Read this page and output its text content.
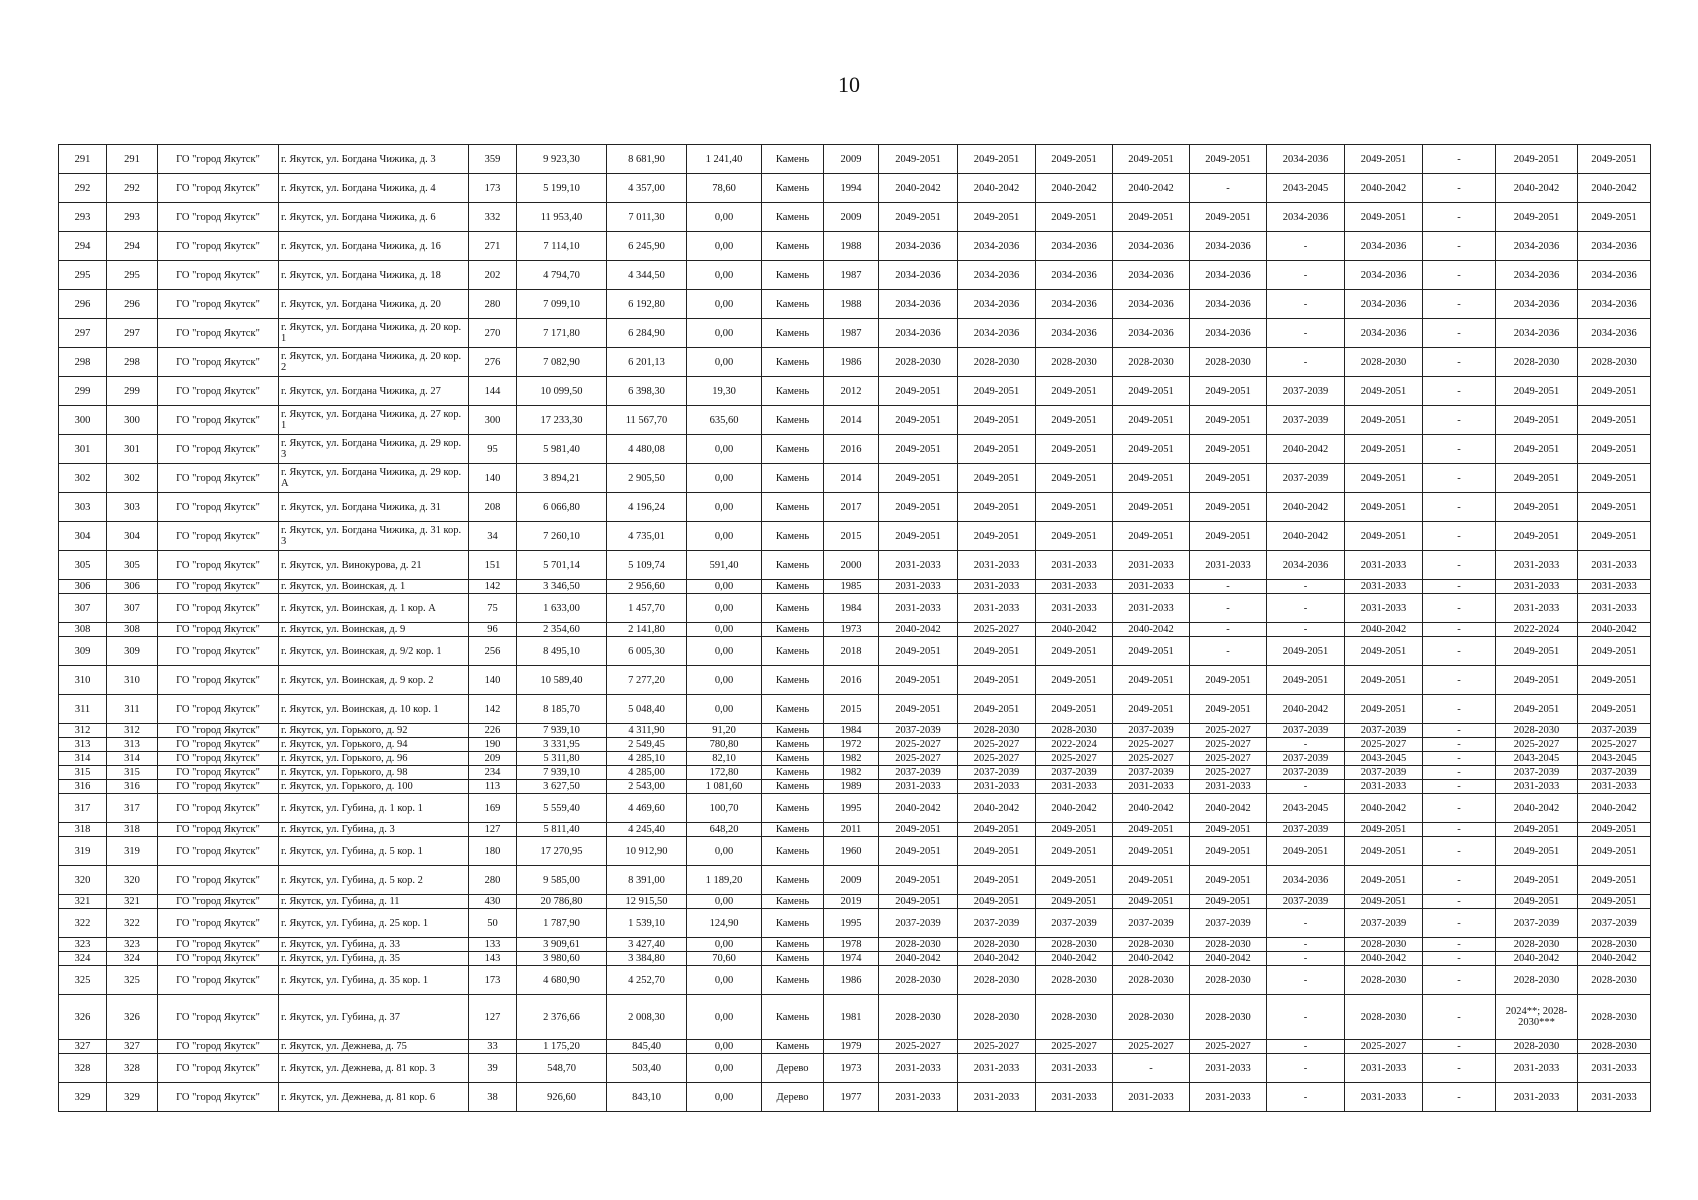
10
291	291	ГО "город Якутск"	г. Якутск, ул. Богдана Чижика, д. 3	359	9 923,30	8 681,90	1 241,40	Камень	2009	2049-2051	2049-2051	2049-2051	2049-2051	2049-2051	2034-2036	2049-2051	-	2049-2051	2049-2051
292	292	ГО "город Якутск"	г. Якутск, ул. Богдана Чижика, д. 4	173	5 199,10	4 357,00	78,60	Камень	1994	2040-2042	2040-2042	2040-2042	2040-2042	-	2043-2045	2040-2042	-	2040-2042	2040-2042
293	293	ГО "город Якутск"	г. Якутск, ул. Богдана Чижика, д. 6	332	11 953,40	7 011,30	0,00	Камень	2009	2049-2051	2049-2051	2049-2051	2049-2051	2049-2051	2034-2036	2049-2051	-	2049-2051	2049-2051
294	294	ГО "город Якутск"	г. Якутск, ул. Богдана Чижика, д. 16	271	7 114,10	6 245,90	0,00	Камень	1988	2034-2036	2034-2036	2034-2036	2034-2036	2034-2036	-	2034-2036	-	2034-2036	2034-2036
295	295	ГО "город Якутск"	г. Якутск, ул. Богдана Чижика, д. 18	202	4 794,70	4 344,50	0,00	Камень	1987	2034-2036	2034-2036	2034-2036	2034-2036	2034-2036	-	2034-2036	-	2034-2036	2034-2036
296	296	ГО "город Якутск"	г. Якутск, ул. Богдана Чижика, д. 20	280	7 099,10	6 192,80	0,00	Камень	1988	2034-2036	2034-2036	2034-2036	2034-2036	2034-2036	-	2034-2036	-	2034-2036	2034-2036
297	297	ГО "город Якутск"	г. Якутск, ул. Богдана Чижика, д. 20 кор. 1	270	7 171,80	6 284,90	0,00	Камень	1987	2034-2036	2034-2036	2034-2036	2034-2036	2034-2036	-	2034-2036	-	2034-2036	2034-2036
298	298	ГО "город Якутск"	г. Якутск, ул. Богдана Чижика, д. 20 кор. 2	276	7 082,90	6 201,13	0,00	Камень	1986	2028-2030	2028-2030	2028-2030	2028-2030	2028-2030	-	2028-2030	-	2028-2030	2028-2030
299	299	ГО "город Якутск"	г. Якутск, ул. Богдана Чижика, д. 27	144	10 099,50	6 398,30	19,30	Камень	2012	2049-2051	2049-2051	2049-2051	2049-2051	2049-2051	2037-2039	2049-2051	-	2049-2051	2049-2051
300	300	ГО "город Якутск"	г. Якутск, ул. Богдана Чижика, д. 27 кор. 1	300	17 233,30	11 567,70	635,60	Камень	2014	2049-2051	2049-2051	2049-2051	2049-2051	2049-2051	2037-2039	2049-2051	-	2049-2051	2049-2051
301	301	ГО "город Якутск"	г. Якутск, ул. Богдана Чижика, д. 29 кор. 3	95	5 981,40	4 480,08	0,00	Камень	2016	2049-2051	2049-2051	2049-2051	2049-2051	2049-2051	2040-2042	2049-2051	-	2049-2051	2049-2051
302	302	ГО "город Якутск"	г. Якутск, ул. Богдана Чижика, д. 29 кор. А	140	3 894,21	2 905,50	0,00	Камень	2014	2049-2051	2049-2051	2049-2051	2049-2051	2049-2051	2037-2039	2049-2051	-	2049-2051	2049-2051
303	303	ГО "город Якутск"	г. Якутск, ул. Богдана Чижика, д. 31	208	6 066,80	4 196,24	0,00	Камень	2017	2049-2051	2049-2051	2049-2051	2049-2051	2049-2051	2040-2042	2049-2051	-	2049-2051	2049-2051
304	304	ГО "город Якутск"	г. Якутск, ул. Богдана Чижика, д. 31 кор. 3	34	7 260,10	4 735,01	0,00	Камень	2015	2049-2051	2049-2051	2049-2051	2049-2051	2049-2051	2040-2042	2049-2051	-	2049-2051	2049-2051
305	305	ГО "город Якутск"	г. Якутск, ул. Винокурова, д. 21	151	5 701,14	5 109,74	591,40	Камень	2000	2031-2033	2031-2033	2031-2033	2031-2033	2031-2033	2034-2036	2031-2033	-	2031-2033	2031-2033
306	306	ГО "город Якутск"	г. Якутск, ул. Воинская, д. 1	142	3 346,50	2 956,60	0,00	Камень	1985	2031-2033	2031-2033	2031-2033	2031-2033	-	-	2031-2033	-	2031-2033	2031-2033
307	307	ГО "город Якутск"	г. Якутск, ул. Воинская, д. 1 кор. А	75	1 633,00	1 457,70	0,00	Камень	1984	2031-2033	2031-2033	2031-2033	2031-2033	-	-	2031-2033	-	2031-2033	2031-2033
308	308	ГО "город Якутск"	г. Якутск, ул. Воинская, д. 9	96	2 354,60	2 141,80	0,00	Камень	1973	2040-2042	2025-2027	2040-2042	2040-2042	-	-	2040-2042	-	2022-2024	2040-2042
309	309	ГО "город Якутск"	г. Якутск, ул. Воинская, д. 9/2 кор. 1	256	8 495,10	6 005,30	0,00	Камень	2018	2049-2051	2049-2051	2049-2051	2049-2051	-	2049-2051	2049-2051	-	2049-2051	2049-2051
310	310	ГО "город Якутск"	г. Якутск, ул. Воинская, д. 9 кор. 2	140	10 589,40	7 277,20	0,00	Камень	2016	2049-2051	2049-2051	2049-2051	2049-2051	2049-2051	2049-2051	2049-2051	-	2049-2051	2049-2051
311	311	ГО "город Якутск"	г. Якутск, ул. Воинская, д. 10 кор. 1	142	8 185,70	5 048,40	0,00	Камень	2015	2049-2051	2049-2051	2049-2051	2049-2051	2049-2051	2040-2042	2049-2051	-	2049-2051	2049-2051
312	312	ГО "город Якутск"	г. Якутск, ул. Горького, д. 92	226	7 939,10	4 311,90	91,20	Камень	1984	2037-2039	2028-2030	2028-2030	2037-2039	2025-2027	2037-2039	2037-2039	-	2028-2030	2037-2039
313	313	ГО "город Якутск"	г. Якутск, ул. Горького, д. 94	190	3 331,95	2 549,45	780,80	Камень	1972	2025-2027	2025-2027	2022-2024	2025-2027	2025-2027	-	2025-2027	-	2025-2027	2025-2027
314	314	ГО "город Якутск"	г. Якутск, ул. Горького, д. 96	209	5 311,80	4 285,10	82,10	Камень	1982	2025-2027	2025-2027	2025-2027	2025-2027	2025-2027	2037-2039	2043-2045	-	2043-2045	2043-2045
315	315	ГО "город Якутск"	г. Якутск, ул. Горького, д. 98	234	7 939,10	4 285,00	172,80	Камень	1982	2037-2039	2037-2039	2037-2039	2037-2039	2025-2027	2037-2039	2037-2039	-	2037-2039	2037-2039
316	316	ГО "город Якутск"	г. Якутск, ул. Горького, д. 100	113	3 627,50	2 543,00	1 081,60	Камень	1989	2031-2033	2031-2033	2031-2033	2031-2033	2031-2033	-	2031-2033	-	2031-2033	2031-2033
317	317	ГО "город Якутск"	г. Якутск, ул. Губина, д. 1 кор. 1	169	5 559,40	4 469,60	100,70	Камень	1995	2040-2042	2040-2042	2040-2042	2040-2042	2040-2042	2043-2045	2040-2042	-	2040-2042	2040-2042
318	318	ГО "город Якутск"	г. Якутск, ул. Губина, д. 3	127	5 811,40	4 245,40	648,20	Камень	2011	2049-2051	2049-2051	2049-2051	2049-2051	2049-2051	2037-2039	2049-2051	-	2049-2051	2049-2051
319	319	ГО "город Якутск"	г. Якутск, ул. Губина, д. 5 кор. 1	180	17 270,95	10 912,90	0,00	Камень	1960	2049-2051	2049-2051	2049-2051	2049-2051	2049-2051	2049-2051	2049-2051	-	2049-2051	2049-2051
320	320	ГО "город Якутск"	г. Якутск, ул. Губина, д. 5 кор. 2	280	9 585,00	8 391,00	1 189,20	Камень	2009	2049-2051	2049-2051	2049-2051	2049-2051	2049-2051	2034-2036	2049-2051	-	2049-2051	2049-2051
321	321	ГО "город Якутск"	г. Якутск, ул. Губина, д. 11	430	20 786,80	12 915,50	0,00	Камень	2019	2049-2051	2049-2051	2049-2051	2049-2051	2049-2051	2037-2039	2049-2051	-	2049-2051	2049-2051
322	322	ГО "город Якутск"	г. Якутск, ул. Губина, д. 25 кор. 1	50	1 787,90	1 539,10	124,90	Камень	1995	2037-2039	2037-2039	2037-2039	2037-2039	2037-2039	-	2037-2039	-	2037-2039	2037-2039
323	323	ГО "город Якутск"	г. Якутск, ул. Губина, д. 33	133	3 909,61	3 427,40	0,00	Камень	1978	2028-2030	2028-2030	2028-2030	2028-2030	2028-2030	-	2028-2030	-	2028-2030	2028-2030
324	324	ГО "город Якутск"	г. Якутск, ул. Губина, д. 35	143	3 980,60	3 384,80	70,60	Камень	1974	2040-2042	2040-2042	2040-2042	2040-2042	2040-2042	-	2040-2042	-	2040-2042	2040-2042
325	325	ГО "город Якутск"	г. Якутск, ул. Губина, д. 35 кор. 1	173	4 680,90	4 252,70	0,00	Камень	1986	2028-2030	2028-2030	2028-2030	2028-2030	2028-2030	-	2028-2030	-	2028-2030	2028-2030
326	326	ГО "город Якутск"	г. Якутск, ул. Губина, д. 37	127	2 376,66	2 008,30	0,00	Камень	1981	2028-2030	2028-2030	2028-2030	2028-2030	2028-2030	-	2028-2030	-	2024**; 2028-2030***	2028-2030
327	327	ГО "город Якутск"	г. Якутск, ул. Дежнева, д. 75	33	1 175,20	845,40	0,00	Камень	1979	2025-2027	2025-2027	2025-2027	2025-2027	2025-2027	-	2025-2027	-	2028-2030	2028-2030
328	328	ГО "город Якутск"	г. Якутск, ул. Дежнева, д. 81 кор. 3	39	548,70	503,40	0,00	Дерево	1973	2031-2033	2031-2033	2031-2033	-	2031-2033	-	2031-2033	-	2031-2033	2031-2033
329	329	ГО "город Якутск"	г. Якутск, ул. Дежнева, д. 81 кор. 6	38	926,60	843,10	0,00	Дерево	1977	2031-2033	2031-2033	2031-2033	2031-2033	2031-2033	-	2031-2033	-	2031-2033	2031-2033
